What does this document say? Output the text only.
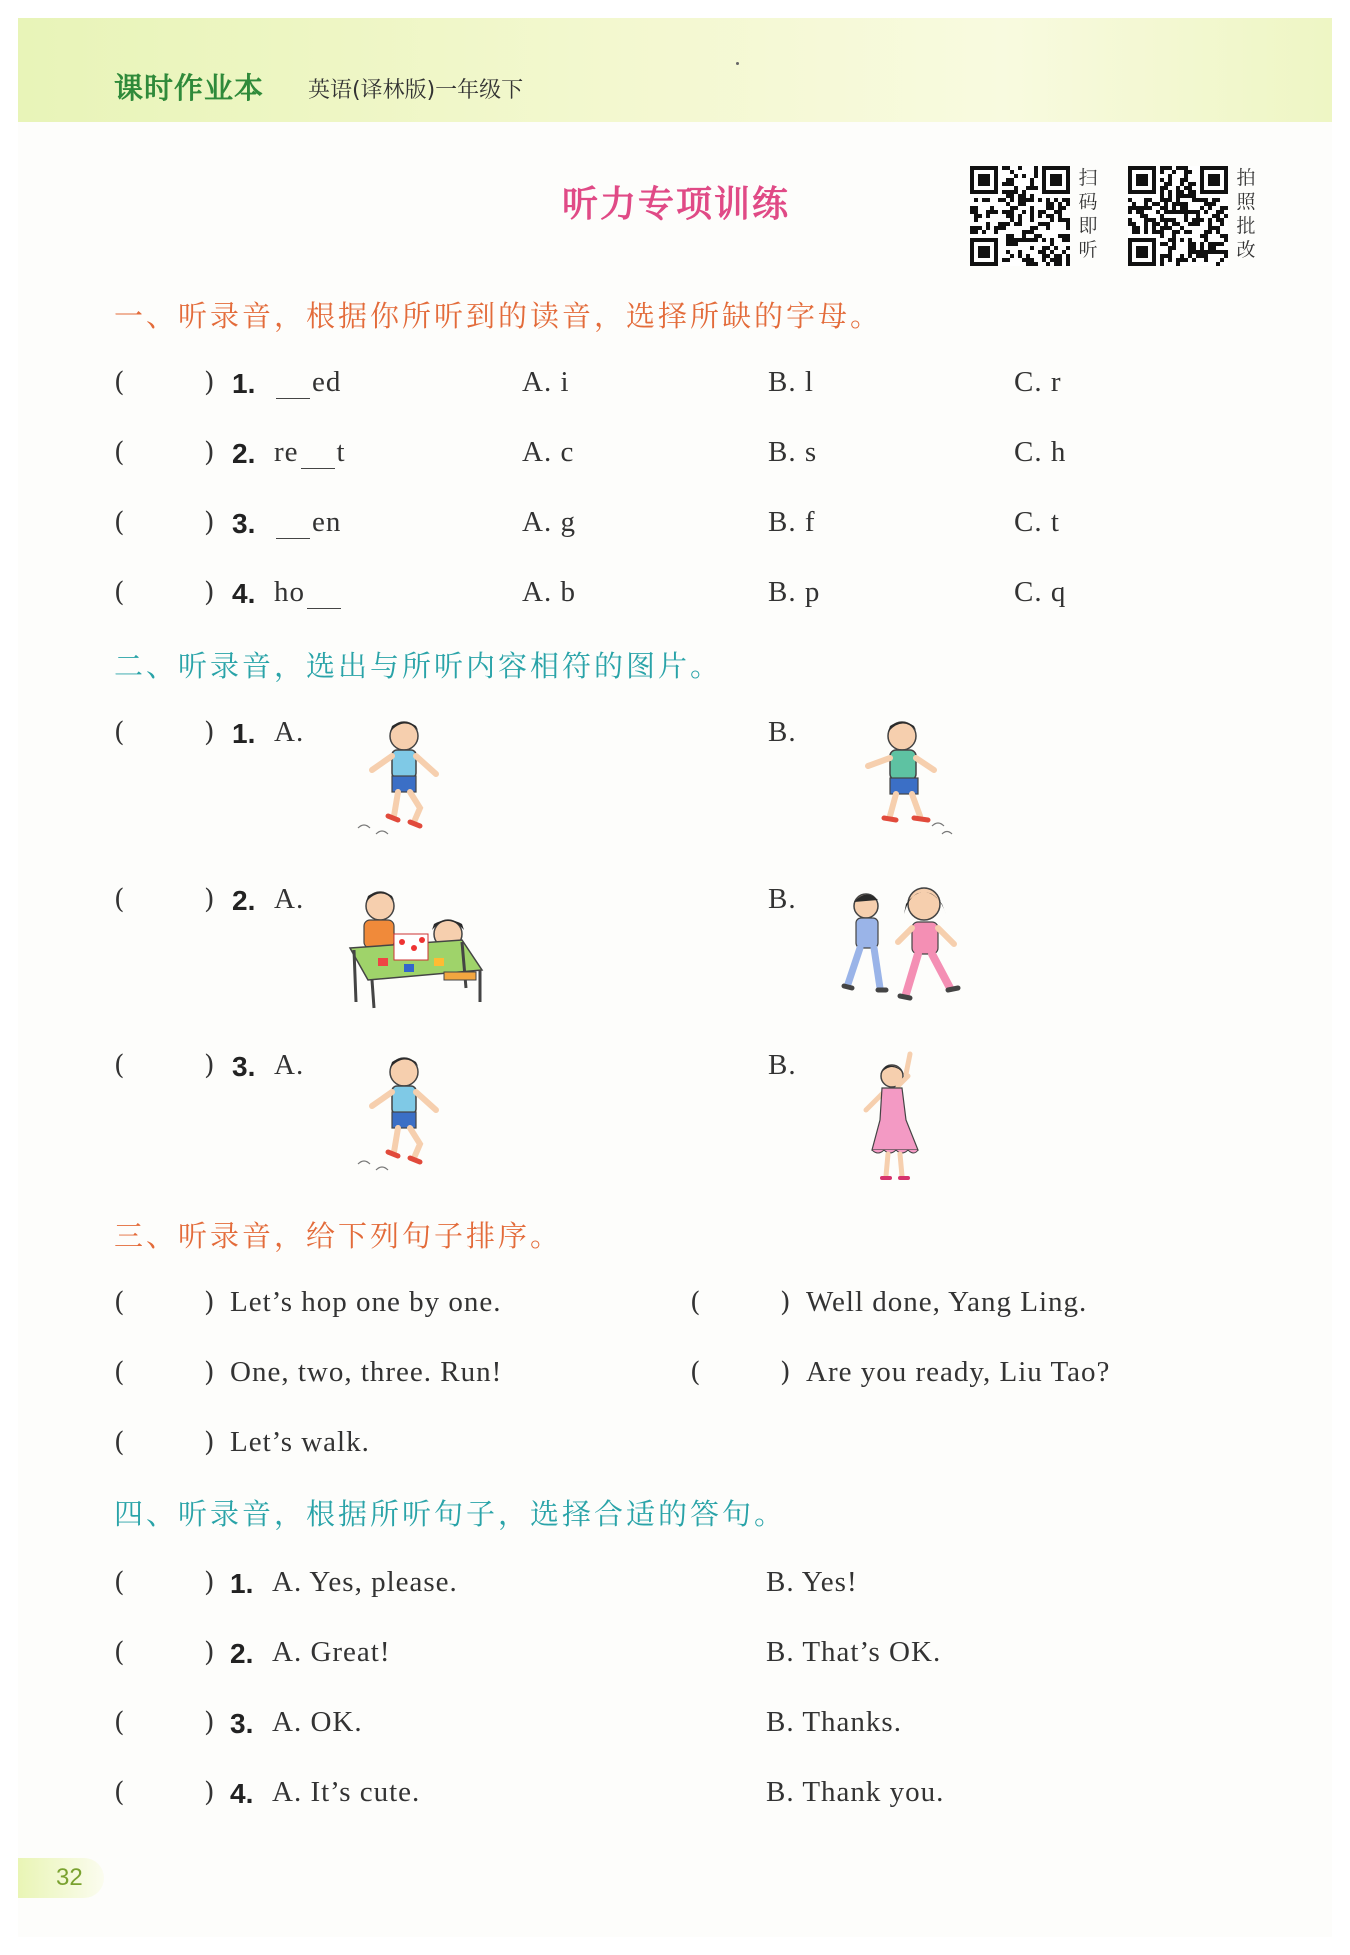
课时作业本 英语(译林版)一年级下
听力专项训练
扫
码
即
听
拍
照
批
改
一、听录音，根据你所听到的读音，选择所缺的字母。
(	) 1.	ed	A. i	B. l	C. r
(	) 2. re t	A. c	B. s	C. h
(	) 3.	en	A. g	B. f	C. t
(	) 4. ho	A. b	B. p	C. q
二、听录音，选出与所听内容相符的图片。
(	) 1. A.	B.
(	) 2. A.	B.
(	) 3. A.	B.
三、听录音，给下列句子排序。
(	) Let’s hop one by one.	(	) Well done, Yang Ling.
(	) One, two, three. Run!	(	) Are you ready, Liu Tao?
(	) Let’s walk.
四、听录音，根据所听句子，选择合适的答句。
(	) 1. A. Yes, please.	B. Yes!
(	) 2. A. Great!	B. That’s OK.
(	) 3. A. OK.	B. Thanks.
(	) 4. A. It’s cute.	B. Thank you.
32
